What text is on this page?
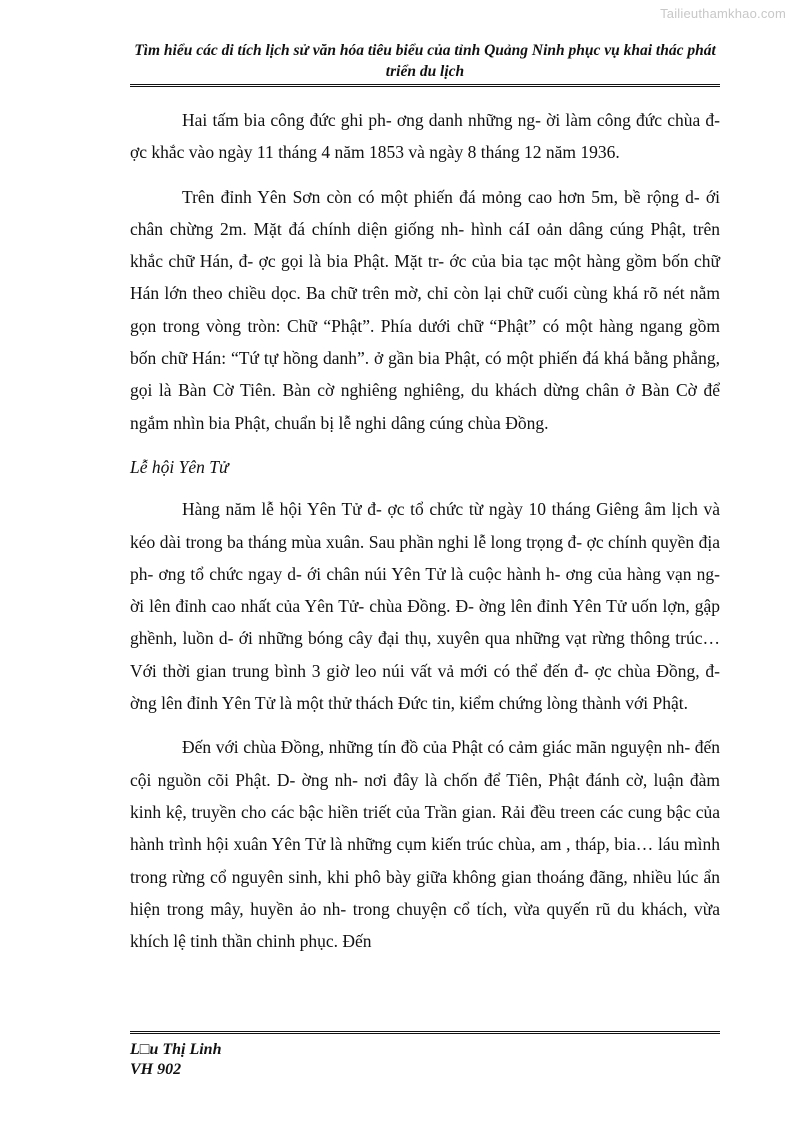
Tailieuthamkhao.com

Tìm hiểu các di tích lịch sử văn hóa tiêu biểu của tỉnh Quảng Ninh phục vụ khai thác phát triển du lịch

Hai tấm bia công đức ghi ph- ơng danh những ng- ời làm công đức chùa đ- ợc khắc vào ngày 11 tháng 4 năm 1853 và ngày 8 tháng 12 năm 1936.

Trên đỉnh Yên Sơn còn có một phiến đá mỏng cao hơn 5m, bề rộng d- ới chân chừng 2m. Mặt đá chính diện giống nh- hình cáI oản dâng cúng Phật, trên khắc chữ Hán, đ- ợc gọi là bia Phật. Mặt tr- ớc của bia tạc một hàng gồm bốn chữ Hán lớn theo chiều dọc. Ba chữ trên mờ, chỉ còn lại chữ cuối cùng khá rõ nét nằm gọn trong vòng tròn: Chữ “Phật”. Phía dưới chữ “Phật” có một hàng ngang gồm bốn chữ Hán: “Tứ tự hồng danh”. ở gần bia Phật, có một phiến đá khá bằng phẳng, gọi là Bàn Cờ Tiên. Bàn cờ nghiêng nghiêng, du khách dừng chân ở Bàn Cờ để ngắm nhìn bia Phật, chuẩn bị lễ nghi dâng cúng chùa Đồng.

Lễ hội Yên Tử

Hàng năm lễ hội Yên Tử đ- ợc tổ chức từ ngày 10 tháng Giêng âm lịch và kéo dài trong ba tháng mùa xuân. Sau phần nghi lễ long trọng đ- ợc chính quyền địa ph- ơng tổ chức ngay d- ới chân núi Yên Tử là cuộc hành h- ơng của hàng vạn ng- ời lên đỉnh cao nhất của Yên Tử- chùa Đồng. Đ- ờng lên đỉnh Yên Tử uốn lợn, gập ghềnh, luồn d- ới những bóng cây đại thụ, xuyên qua những vạt rừng thông trúc… Với thời gian trung bình 3 giờ leo núi vất vả mới có thể đến đ- ợc chùa Đồng, đ- ờng lên đỉnh Yên Tử là một thử thách Đức tin, kiểm chứng lòng thành với Phật.

Đến với chùa Đồng, những tín đồ của Phật có cảm giác mãn nguyện nh- đến cội nguồn cõi Phật. D- ờng nh- nơi đây là chốn để Tiên, Phật đánh cờ, luận đàm kinh kệ, truyền cho các bậc hiền triết của Trần gian. Rải đều treen các cung bậc của hành trình hội xuân Yên Tử là những cụm kiến trúc chùa, am , tháp, bia… láu mình trong rừng cổ nguyên sinh, khi phô bày giữa không gian thoáng đãng, nhiều lúc ẩn hiện trong mây, huyền ảo nh- trong chuyện cổ tích, vừa quyến rũ du khách, vừa khích lệ tinh thần chinh phục. Đến

L□u Thị Linh

VH 902
